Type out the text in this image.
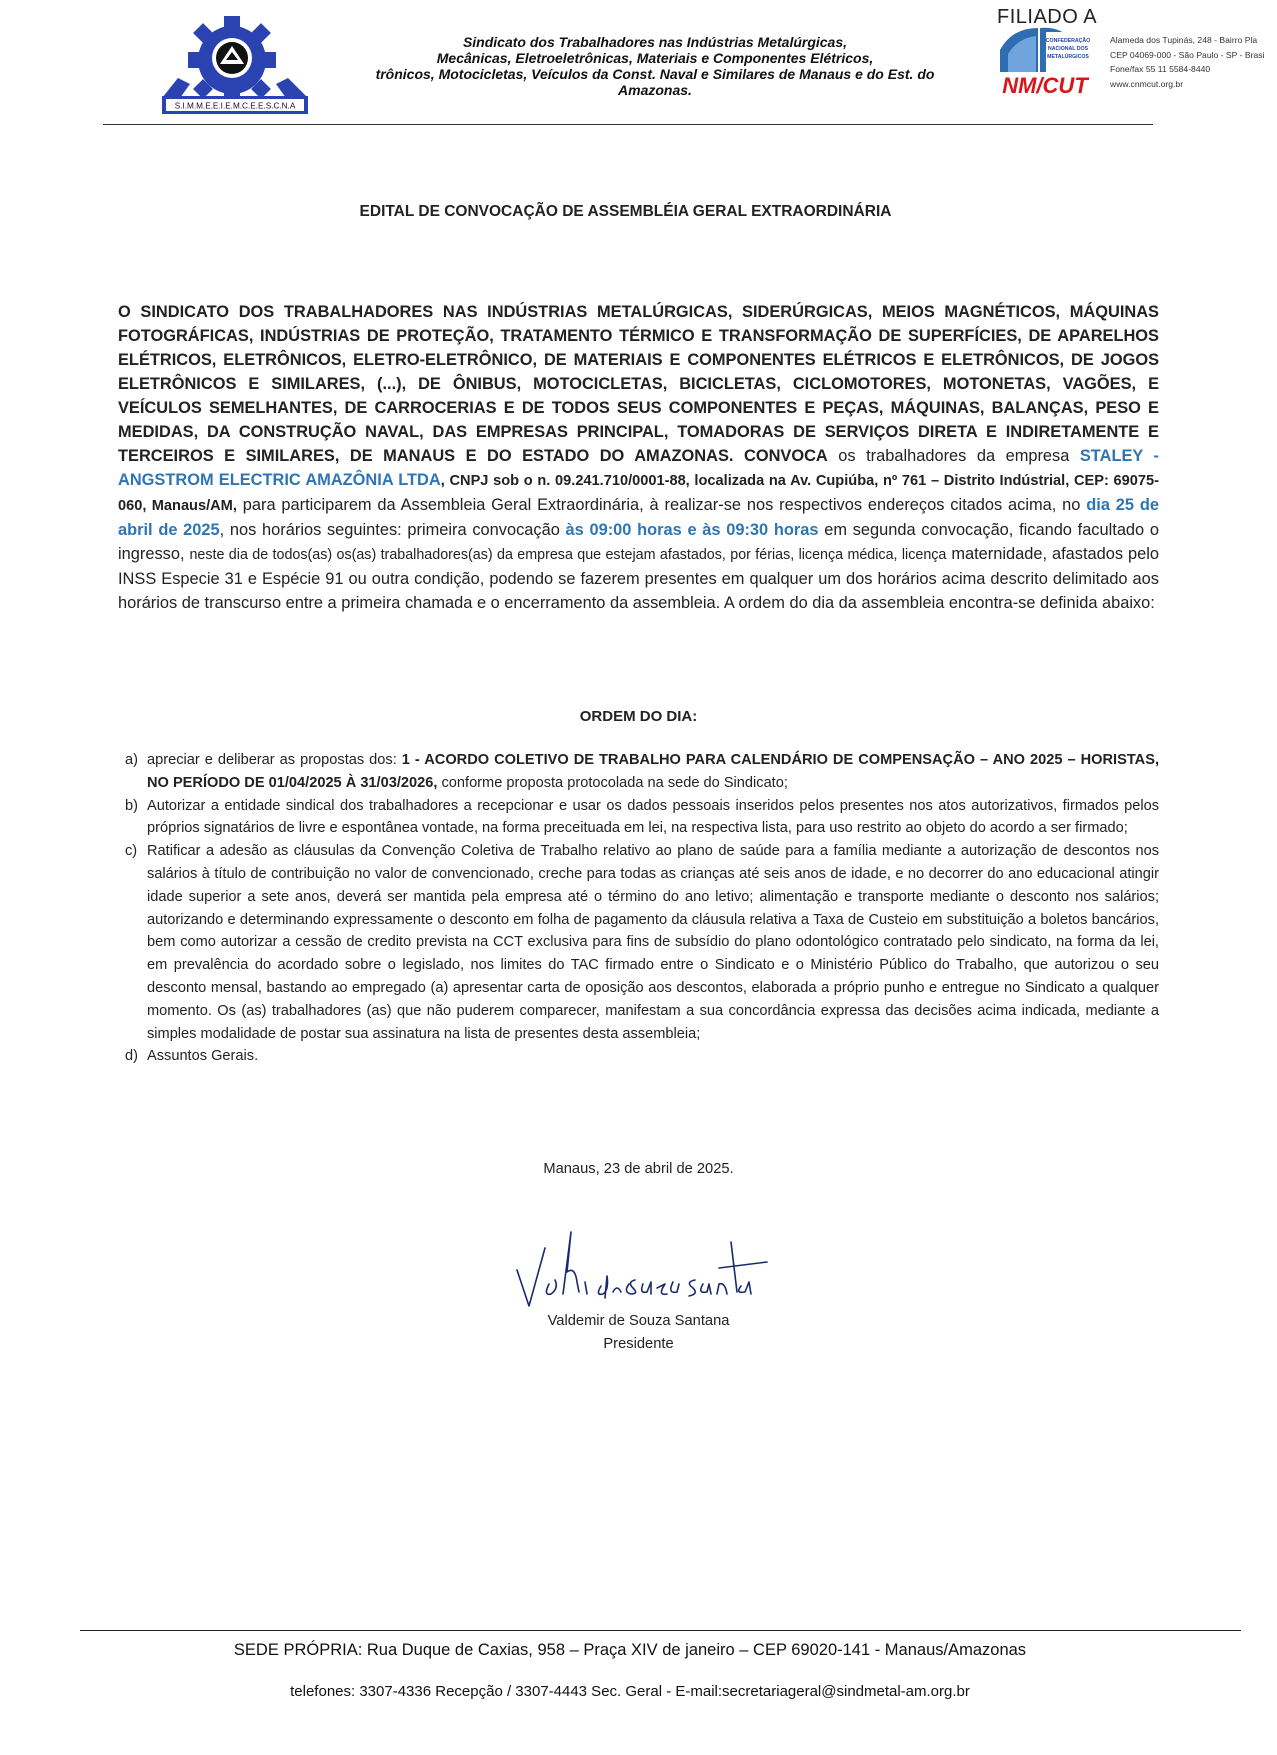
S.I.M.M.E.E.I.E.M.C.E.E.S.C.N.A
Sindicato dos Trabalhadores nas Indústrias Metalúrgicas,
Mecânicas, Eletroeletrônicas, Materiais e Componentes Elétricos,
trônicos, Motocicletas, Veículos da Const. Naval e Similares de Manaus e do Est. do
Amazonas.
FILIADO A
CONFEDERAÇÃO
NACIONAL DOS
METALÚRGICOS
NM/CUT
Alameda dos Tupinás, 248 - Bairro Pla
CEP 04069-000 - São Paulo - SP - Brasi
Fone/fax 55 11 5584-8440
www.cnmcut.org.br
EDITAL DE CONVOCAÇÃO DE ASSEMBLÉIA GERAL EXTRAORDINÁRIA
O SINDICATO DOS TRABALHADORES NAS INDÚSTRIAS METALÚRGICAS, SIDERÚRGICAS, MEIOS MAGNÉTICOS, MÁQUINAS FOTOGRÁFICAS, INDÚSTRIAS DE PROTEÇÃO, TRATAMENTO TÉRMICO E TRANSFORMAÇÃO DE SUPERFÍCIES, DE APARELHOS ELÉTRICOS, ELETRÔNICOS, ELETRO-ELETRÔNICO, DE MATERIAIS E COMPONENTES ELÉTRICOS E ELETRÔNICOS, DE JOGOS ELETRÔNICOS E SIMILARES, (...), DE ÔNIBUS, MOTOCICLETAS, BICICLETAS, CICLOMOTORES, MOTONETAS, VAGÕES, E VEÍCULOS SEMELHANTES, DE CARROCERIAS E DE TODOS SEUS COMPONENTES E PEÇAS, MÁQUINAS, BALANÇAS, PESO E MEDIDAS, DA CONSTRUÇÃO NAVAL, DAS EMPRESAS PRINCIPAL, TOMADORAS DE SERVIÇOS DIRETA E INDIRETAMENTE E TERCEIROS E SIMILARES, DE MANAUS E DO ESTADO DO AMAZONAS. CONVOCA os trabalhadores da empresa STALEY - ANGSTROM ELECTRIC AMAZÔNIA LTDA, CNPJ sob o n. 09.241.710/0001-88, localizada na Av. Cupiúba, nº 761 – Distrito Indústrial, CEP: 69075-060, Manaus/AM, para participarem da Assembleia Geral Extraordinária, à realizar-se nos respectivos endereços citados acima, no dia 25 de abril de 2025, nos horários seguintes: primeira convocação às 09:00 horas e às 09:30 horas em segunda convocação, ficando facultado o ingresso, neste dia de todos(as) os(as) trabalhadores(as) da empresa que estejam afastados, por férias, licença médica, licença maternidade, afastados pelo INSS Especie 31 e Espécie 91 ou outra condição, podendo se fazerem presentes em qualquer um dos horários acima descrito delimitado aos horários de transcurso entre a primeira chamada e o encerramento da assembleia. A ordem do dia da assembleia encontra-se definida abaixo:
ORDEM DO DIA:
a) apreciar e deliberar as propostas dos: 1 - ACORDO COLETIVO DE TRABALHO PARA CALENDÁRIO DE COMPENSAÇÃO – ANO 2025 – HORISTAS, NO PERÍODO DE 01/04/2025 À 31/03/2026, conforme proposta protocolada na sede do Sindicato;
b) Autorizar a entidade sindical dos trabalhadores a recepcionar e usar os dados pessoais inseridos pelos presentes nos atos autorizativos, firmados pelos próprios signatários de livre e espontânea vontade, na forma preceituada em lei, na respectiva lista, para uso restrito ao objeto do acordo a ser firmado;
c) Ratificar a adesão as cláusulas da Convenção Coletiva de Trabalho relativo ao plano de saúde para a família mediante a autorização de descontos nos salários à título de contribuição no valor de convencionado, creche para todas as crianças até seis anos de idade, e no decorrer do ano educacional atingir idade superior a sete anos, deverá ser mantida pela empresa até o término do ano letivo; alimentação e transporte mediante o desconto nos salários; autorizando e determinando expressamente o desconto em folha de pagamento da cláusula relativa a Taxa de Custeio em substituição a boletos bancários, bem como autorizar a cessão de credito prevista na CCT exclusiva para fins de subsídio do plano odontológico contratado pelo sindicato, na forma da lei, em prevalência do acordado sobre o legislado, nos limites do TAC firmado entre o Sindicato e o Ministério Público do Trabalho, que autorizou o seu desconto mensal, bastando ao empregado (a) apresentar carta de oposição aos descontos, elaborada a próprio punho e entregue no Sindicato a qualquer momento. Os (as) trabalhadores (as) que não puderem comparecer, manifestam a sua concordância expressa das decisões acima indicada, mediante a simples modalidade de postar sua assinatura na lista de presentes desta assembleia;
d) Assuntos Gerais.
Manaus, 23 de abril de 2025.
Valdemir de Souza Santana
Presidente
SEDE PRÓPRIA: Rua Duque de Caxias, 958 – Praça XIV de janeiro – CEP 69020-141 - Manaus/Amazonas
telefones: 3307-4336 Recepção / 3307-4443 Sec. Geral - E-mail:secretariageral@sindmetal-am.org.br
